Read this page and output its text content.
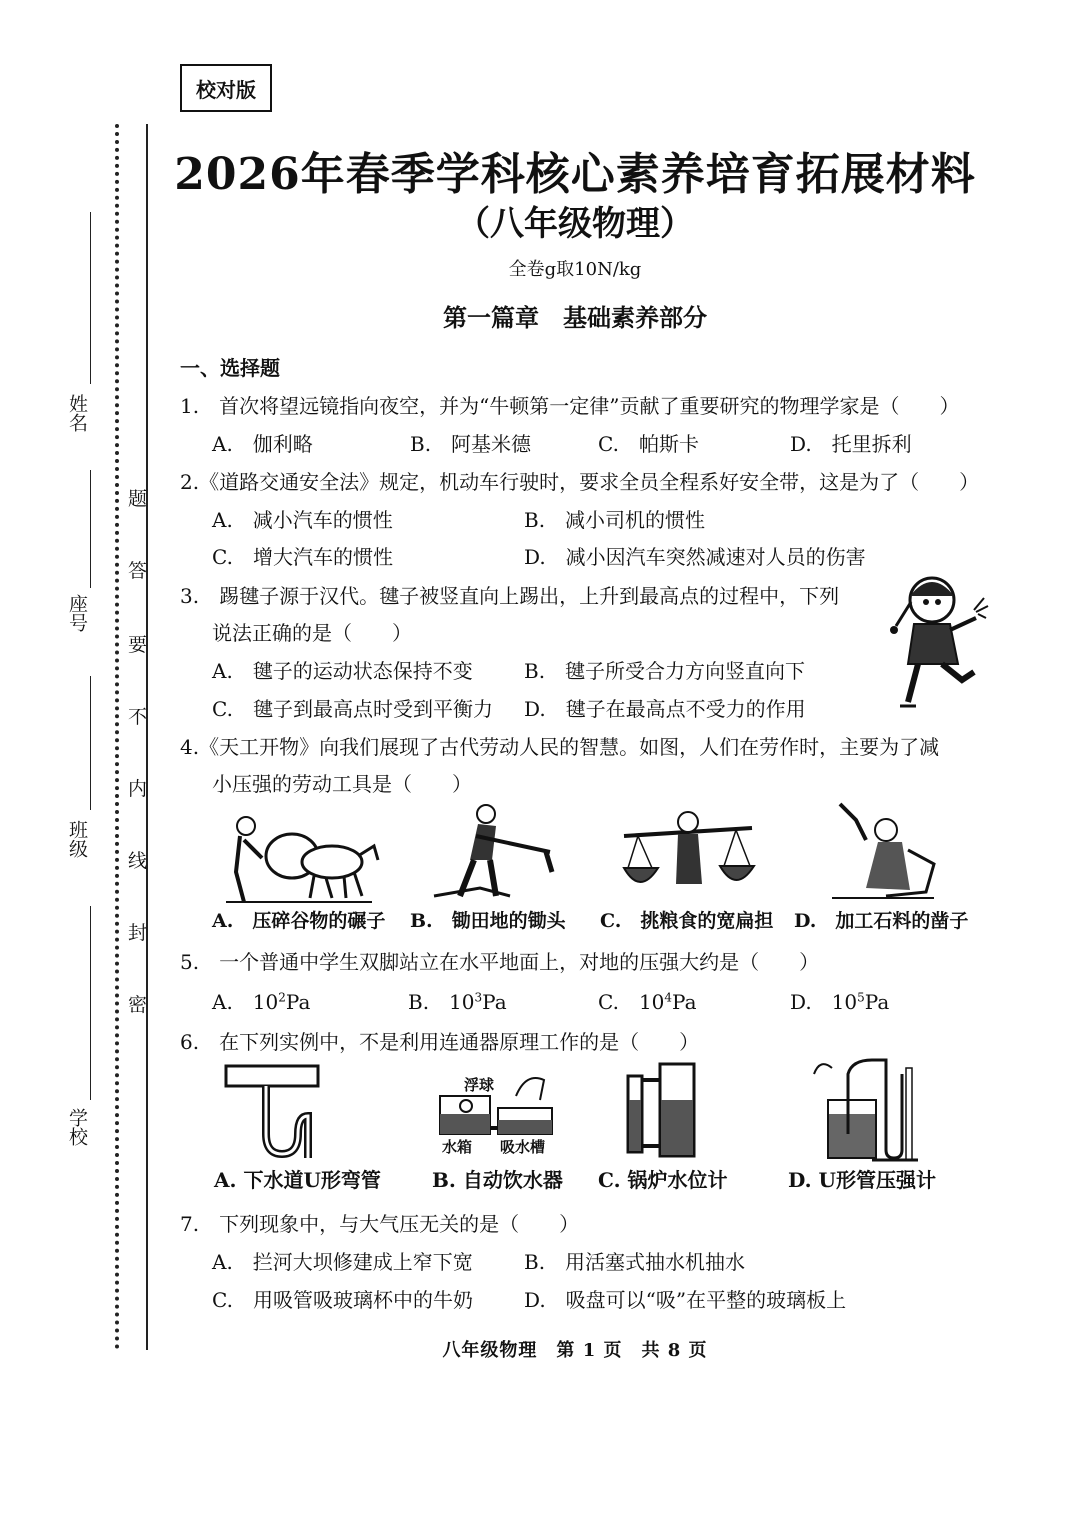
姓名
座号
班级
学校
题
答
要
不
内
线
封
密
校对版
2026年春季学科核心素养培育拓展材料
（八年级物理）
全卷g取10N/kg
第一篇章　基础素养部分
一、选择题
1.　首次将望远镜指向夜空，并为“牛顿第一定律”贡献了重要研究的物理学家是（　　）
A.　伽利略	B.　阿基米德	C.　帕斯卡	D.　托里拆利
2.《道路交通安全法》规定，机动车行驶时，要求全员全程系好安全带，这是为了（　　）
A.　减小汽车的惯性	B.　减小司机的惯性
C.　增大汽车的惯性	D.　减小因汽车突然减速对人员的伤害
3.　踢毽子源于汉代。毽子被竖直向上踢出，上升到最高点的过程中，下列
说法正确的是（　　）
A.　毽子的运动状态保持不变	B.　毽子所受合力方向竖直向下
C.　毽子到最高点时受到平衡力 D.　毽子在最高点不受力的作用
4.《天工开物》向我们展现了古代劳动人民的智慧。如图，人们在劳作时，主要为了减
小压强的劳动工具是（　　）
A.　压碎谷物的碾子 B.　锄田地的锄头 C.　挑粮食的宽扁担 D.　加工石料的凿子
5.　一个普通中学生双脚站立在水平地面上，对地的压强大约是（　　）
A.　$10^2Pa$	B.　$10^3Pa$	C.　$10^4Pa$	D.　$10^5Pa$
6.　在下列实例中，不是利用连通器原理工作的是（　　）
浮球
水箱 吸水槽
A. 下水道U形弯管	B. 自动饮水器 C. 锅炉水位计	D. U形管压强计
7.　下列现象中，与大气压无关的是（　　）
A.　拦河大坝修建成上窄下宽	B.　用活塞式抽水机抽水
C.　用吸管吸玻璃杯中的牛奶	D.　吸盘可以“吸”在平整的玻璃板上
八年级物理　第 1 页　共 8 页
